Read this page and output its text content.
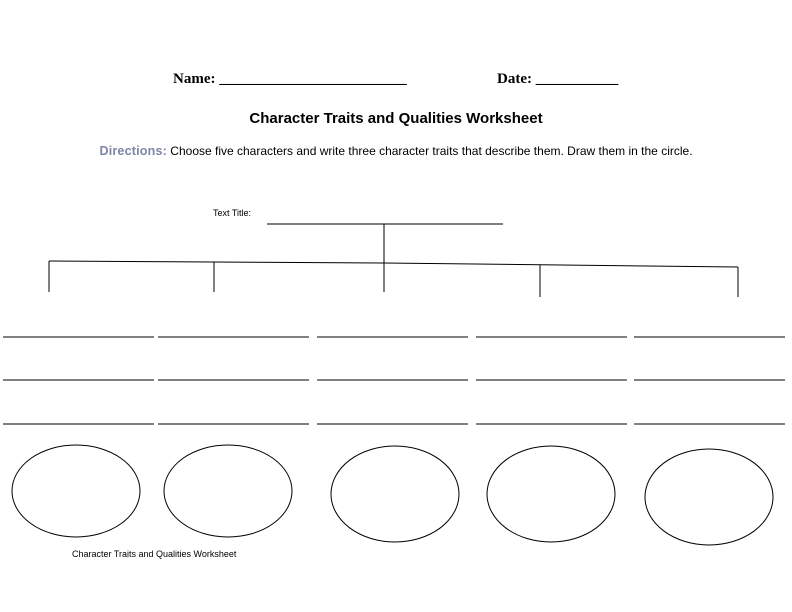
Name: _________________________	Date: ___________
Character Traits and Qualities Worksheet
Directions: Choose five characters and write three character traits that describe them. Draw them in the circle.
Text Title:
Character Traits and Qualities Worksheet
